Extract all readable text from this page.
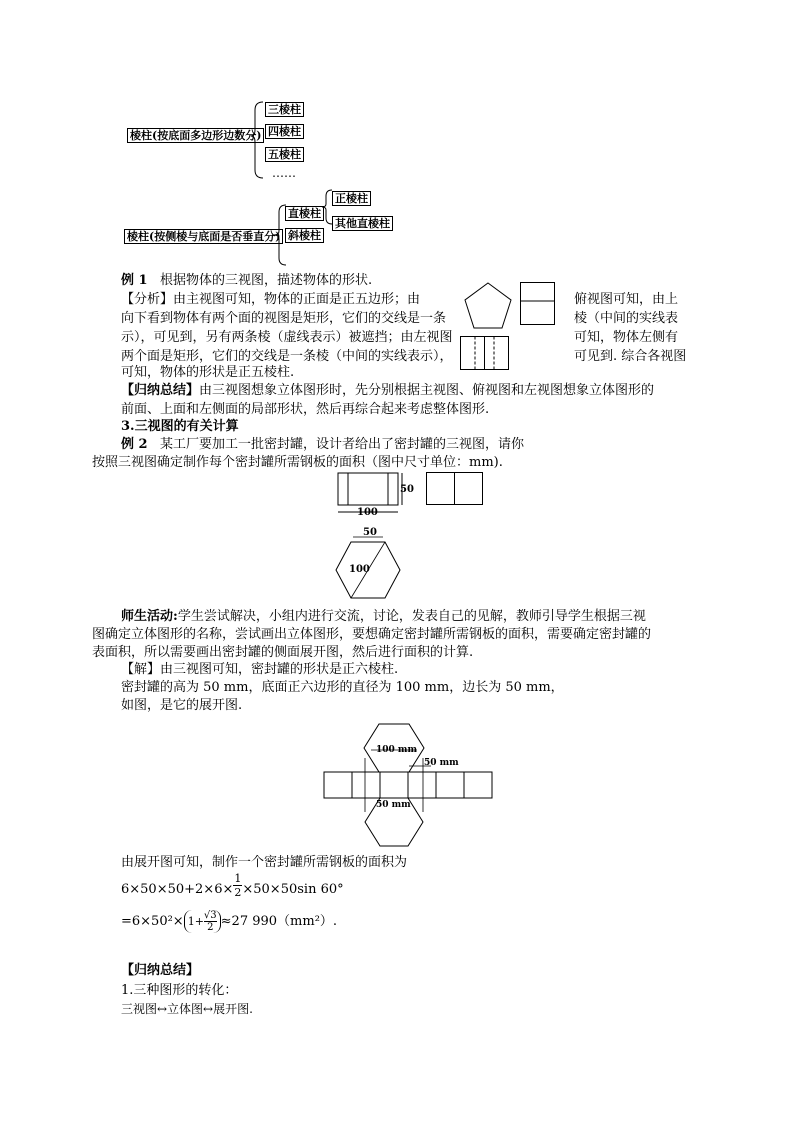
棱柱(按底面多边形边数分)
三棱柱
四棱柱
五棱柱
……
棱柱(按侧棱与底面是否垂直分)
直棱柱
斜棱柱
正棱柱
其他直棱柱
例 1 根据物体的三视图，描述物体的形状.
【分析】由主视图可知，物体的正面是正五边形；由
向下看到物体有两个面的视图是矩形，它们的交线是一条
示），可见到，另有两条棱（虚线表示）被遮挡；由左视图
两个面是矩形，它们的交线是一条棱（中间的实线表示），
可知，物体的形状是正五棱柱.
俯视图可知，由上
棱（中间的实线表
可知，物体左侧有
可见到. 综合各视图
【归纳总结】由三视图想象立体图形时，先分别根据主视图、俯视图和左视图想象立体图形的
前面、上面和左侧面的局部形状，然后再综合起来考虑整体图形.
3.三视图的有关计算
例 2 某工厂要加工一批密封罐，设计者给出了密封罐的三视图，请你
按照三视图确定制作每个密封罐所需钢板的面积（图中尺寸单位：mm).
50
100
50
100
师生活动:学生尝试解决，小组内进行交流，讨论，发表自己的见解，教师引导学生根据三视
图确定立体图形的名称，尝试画出立体图形，要想确定密封罐所需钢板的面积，需要确定密封罐的
表面积，所以需要画出密封罐的侧面展开图，然后进行面积的计算.
【解】由三视图可知，密封罐的形状是正六棱柱.
密封罐的高为 50 mm，底面正六边形的直径为 100 mm，边长为 50 mm，
如图，是它的展开图.
100 mm
50 mm
50 mm
由展开图可知，制作一个密封罐所需钢板的面积为
$6\times 50\times 50+2\times 6\times \frac{1}{2} \times 50\times 50\sin$ 60°
$=6\times 50^2\times 1+ \frac{√3}{2} \approx 27$ 990（mm²）.
【归纳总结】
1.三种图形的转化：
三视图↔立体图↔展开图.
